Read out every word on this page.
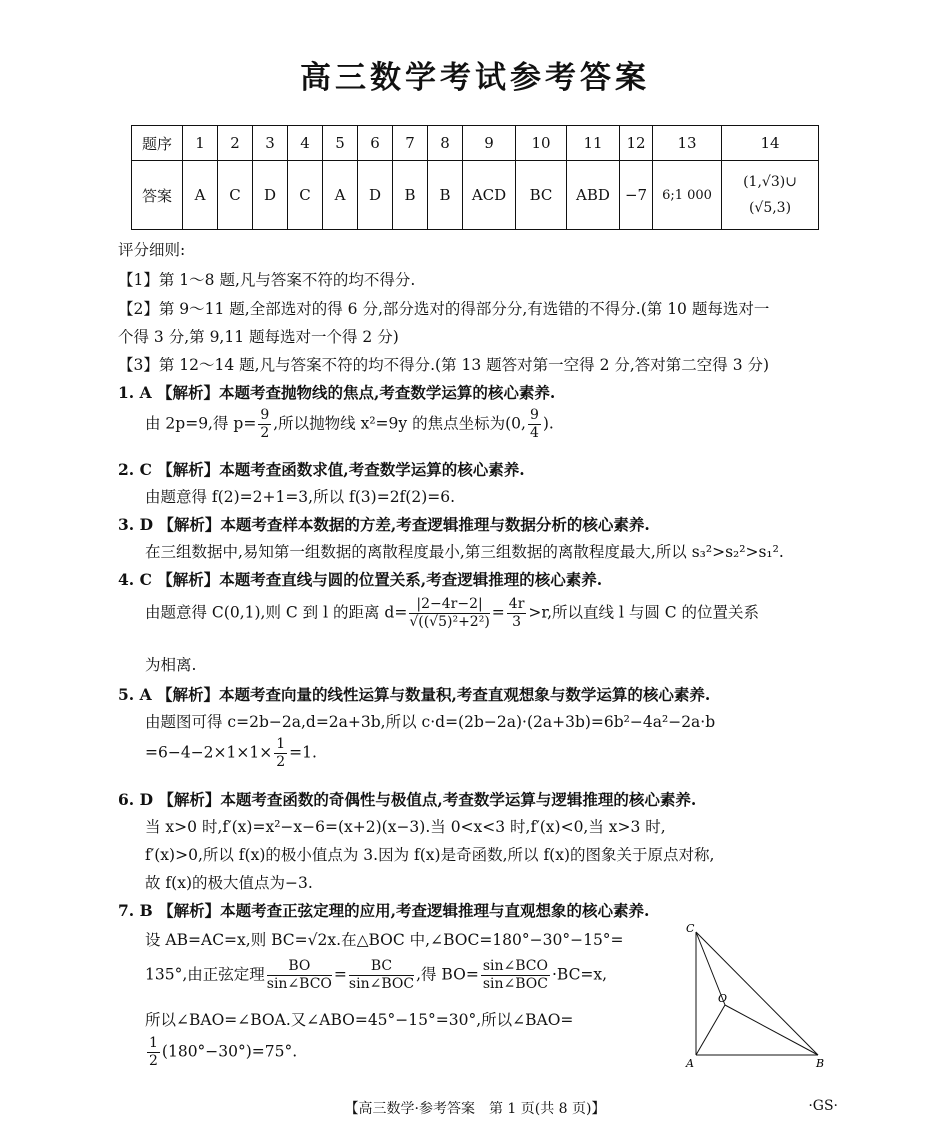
高三数学考试参考答案
题序	1	2	3	4	5	6	7	8	9	10	11	12	13	14
答案	A	C	D	C	A	D	B	B	ACD	BC	ABD	−7	6;1 000	(1,√3)∪
(√5,3)
评分细则:
【1】第 1～8 题,凡与答案不符的均不得分.
【2】第 9～11 题,全部选对的得 6 分,部分选对的得部分分,有选错的不得分.(第 10 题每选对一
个得 3 分,第 9,11 题每选对一个得 2 分)
【3】第 12～14 题,凡与答案不符的均不得分.(第 13 题答对第一空得 2 分,答对第二空得 3 分)
1. A 【解析】本题考查抛物线的焦点,考查数学运算的核心素养.
由 2p=9,得 $p= \frac{9}{2}$ ,所以抛物线 x²=9y 的焦点坐标为(0, $\frac{9}{4}$ ).
2. C 【解析】本题考查函数求值,考查数学运算的核心素养.
由题意得 f(2)=2+1=3,所以 f(3)=2f(2)=6.
3. D 【解析】本题考查样本数据的方差,考查逻辑推理与数据分析的核心素养.
在三组数据中,易知第一组数据的离散程度最小,第三组数据的离散程度最大,所以 s₃²>s₂²>s₁².
4. C 【解析】本题考查直线与圆的位置关系,考查逻辑推理的核心素养.
由题意得 C(0,1),则 C 到 l 的距离 $d= \frac{|2-4r-2|}{\text{√((√5)²+2²)}} = \frac{4r}{3} >r$,所以直线 l 与圆 C 的位置关系
为相离.
5. A 【解析】本题考查向量的线性运算与数量积,考查直观想象与数学运算的核心素养.
由题图可得 c=2b−2a,d=2a+3b,所以 c·d=(2b−2a)·(2a+3b)=6b²−4a²−2a·b
$=6-4-2\times 1\times 1\times \frac{1}{2} =1$.
6. D 【解析】本题考查函数的奇偶性与极值点,考查数学运算与逻辑推理的核心素养.
当 x>0 时,f′(x)=x²−x−6=(x+2)(x−3).当 0<x<3 时,f′(x)<0,当 x>3 时,
f′(x)>0,所以 f(x)的极小值点为 3.因为 f(x)是奇函数,所以 f(x)的图象关于原点对称,
故 f(x)的极大值点为−3.
7. B 【解析】本题考查正弦定理的应用,考查逻辑推理与直观想象的核心素养.
设 AB=AC=x,则 BC=√2x.在△BOC 中,∠BOC=180°−30°−15°=
135°,由正弦定理 $\frac{BO}{\text{sin∠BCO}} = \frac{BC}{\text{sin∠BOC}}$ ,得 $BO= \frac{\text{sin∠BCO}}{\text{sin∠BOC}} \cdot BC=x$,
所以∠BAO=∠BOA.又∠ABO=45°−15°=30°,所以∠BAO=
$\frac{1}{2} (180^\circ-30^\circ)=75^\circ$.
C
A	B
O
【高三数学·参考答案　第 1 页(共 8 页)】	·GS·
